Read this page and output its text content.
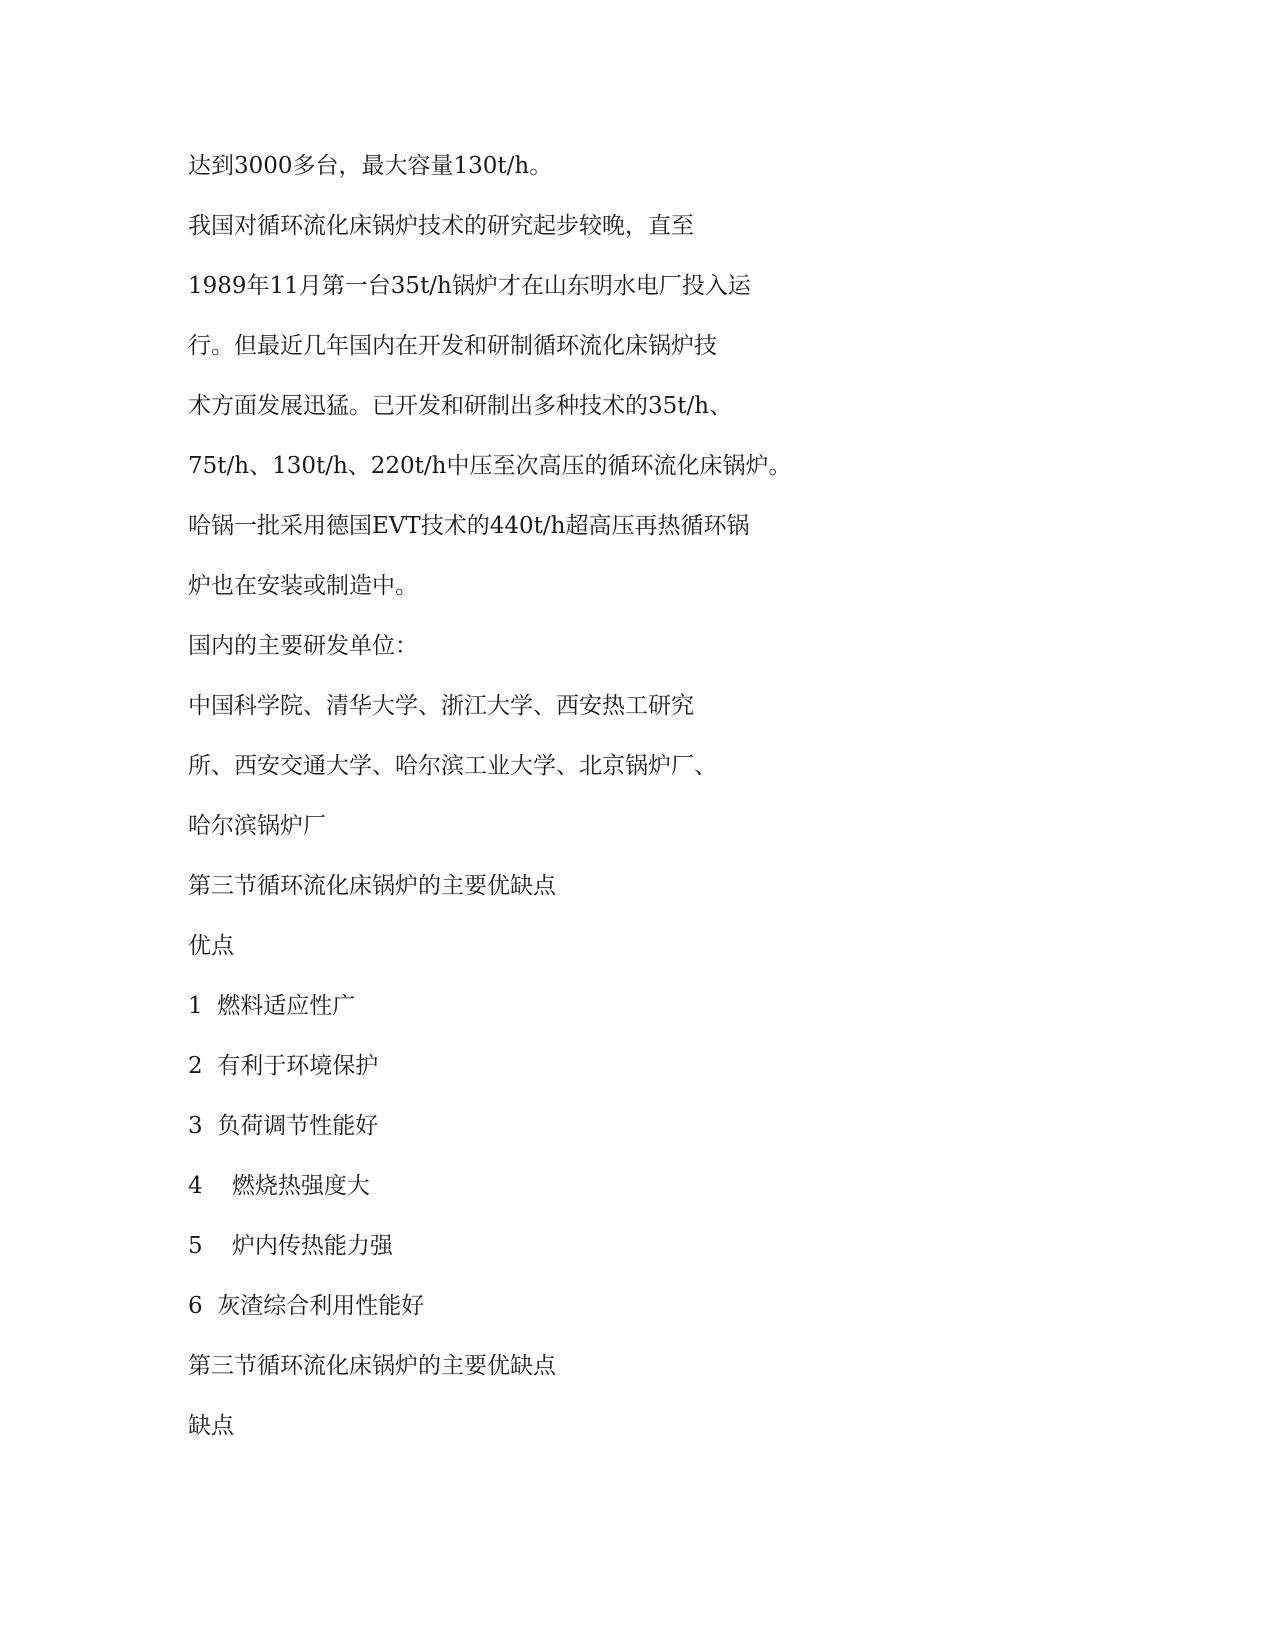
达到3000多台，最大容量130t/h。

我国对循环流化床锅炉技术的研究起步较晚，直至

1989年11月第一台35t/h锅炉才在山东明水电厂投入运

行。但最近几年国内在开发和研制循环流化床锅炉技

术方面发展迅猛。已开发和研制出多种技术的35t/h、

75t/h、130t/h、220t/h中压至次高压的循环流化床锅炉。

哈锅一批采用德国EVT技术的440t/h超高压再热循环锅

炉也在安装或制造中。

国内的主要研发单位：

中国科学院、清华大学、浙江大学、西安热工研究

所、西安交通大学、哈尔滨工业大学、北京锅炉厂、

哈尔滨锅炉厂

第三节循环流化床锅炉的主要优缺点

优点

1  燃料适应性广

2  有利于环境保护

3  负荷调节性能好

4    燃烧热强度大

5    炉内传热能力强

6  灰渣综合利用性能好

第三节循环流化床锅炉的主要优缺点

缺点
